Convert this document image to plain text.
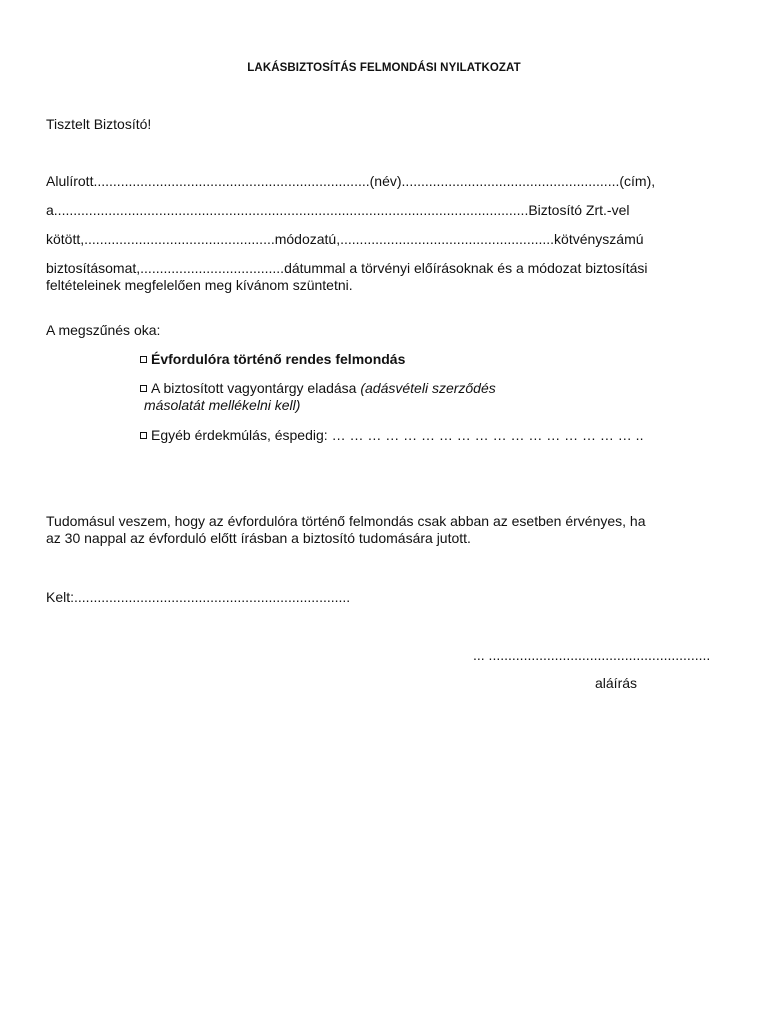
LAKÁSBIZTOSÍTÁS FELMONDÁSI NYILATKOZAT
Tisztelt Biztosító!
Alulírott.......................................................................(név)........................................................(cím),
a..........................................................................................................................Biztosító Zrt.-vel
kötött,.................................................módozatú,.......................................................kötvényszámú
biztosításomat,.....................................dátummal a törvényi előírásoknak és a módozat biztosítási
feltételeinek megfelelően meg kívánom szüntetni.
A megszűnés oka:
Évfordulóra történő rendes felmondás
A biztosított vagyontárgy eladása (adásvételi szerződés
másolatát mellékelni kell)
Egyéb érdekmúlás, éspedig: … … … … … … … … … … … … … … … … … ..
Tudomásul veszem, hogy az évfordulóra történő felmondás csak abban az esetben érvényes, ha
az 30 nappal az évforduló előtt írásban a biztosító tudomására jutott.
Kelt:.......................................................................
... .........................................................
aláírás
